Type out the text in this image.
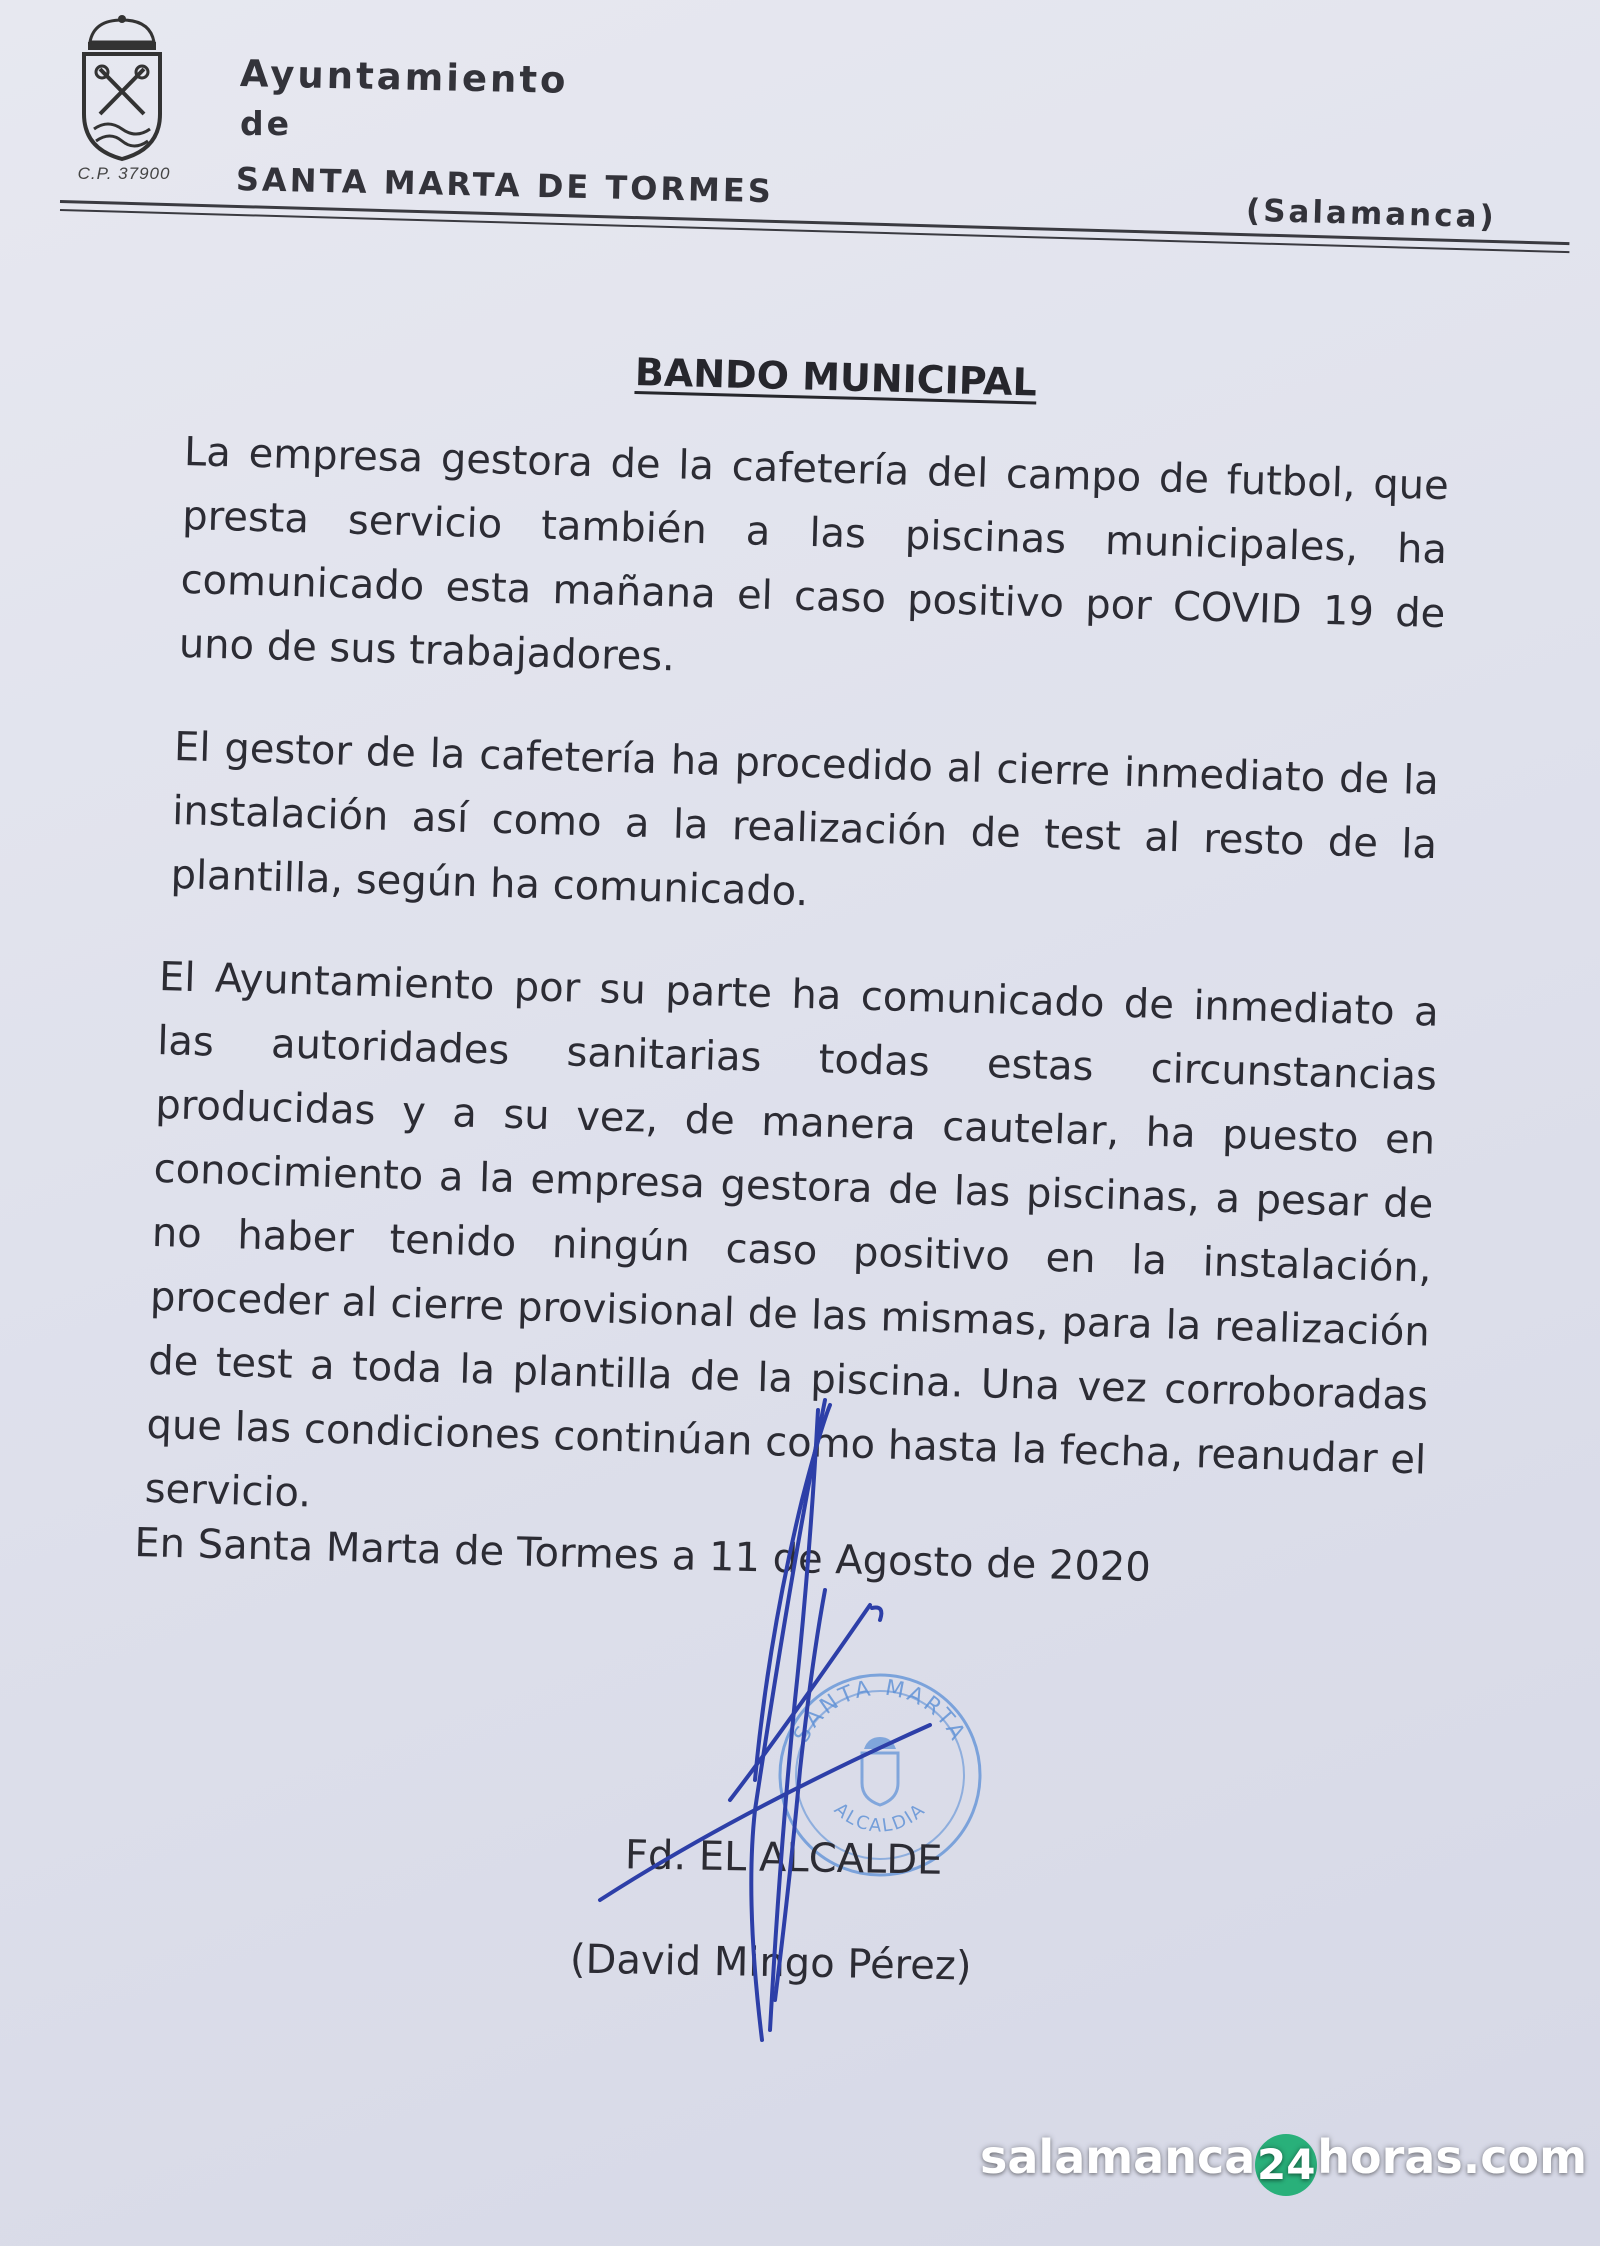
C.P. 37900
Ayuntamiento
de
SANTA MARTA DE TORMES
(Salamanca)
BANDO MUNICIPAL
La empresa gestora de la cafetería del campo de futbol, que presta servicio también a las piscinas municipales, ha comunicado esta mañana el caso positivo por COVID 19 de uno de sus trabajadores.
El gestor de la cafetería ha procedido al cierre inmediato de la instalación así como a la realización de test al resto de la plantilla, según ha comunicado.
El Ayuntamiento por su parte ha comunicado de inmediato a las autoridades sanitarias todas estas circunstancias producidas y a su vez, de manera cautelar, ha puesto en conocimiento a la empresa gestora de las piscinas, a pesar de no haber tenido ningún caso positivo en la instalación, proceder al cierre provisional de las mismas, para la realización de test a toda la plantilla de la piscina. Una vez corroboradas que las condiciones continúan como hasta la fecha, reanudar el servicio.
En Santa Marta de Tormes a 11 de Agosto de 2020
SANTA MARTA
ALCALDIA
Fd. EL ALCALDE
(David Mingo Pérez)
salamanca24horas.com
